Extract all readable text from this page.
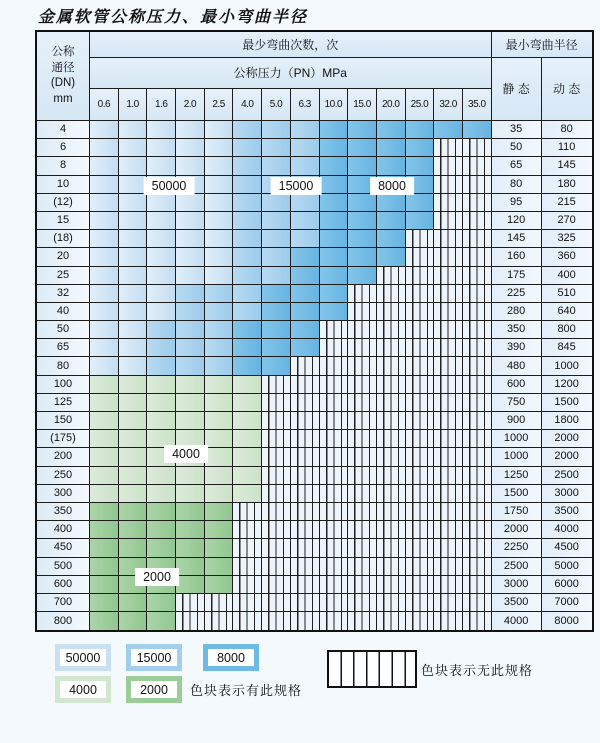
金属软管公称压力、最小弯曲半径
公称
通径
(DN)
mm
最少弯曲次数，次	最小弯曲半径
公称压力（PN）MPa
静 态	动 态
0.6	1.0	1.6	2.0	2.5	4.0	5.0	6.3	10.0	15.0	20.0	25.0	32.0	35.0
4	35	80
6	50	110
8	65	145
10	80	180
(12)	95	215
15	120	270
(18)	145	325
20	160	360
25	175	400
32	225	510
40	280	640
50	350	800
65	390	845
80	480	1000
100	600	1200
125	750	1500
150	900	1800
(175)	1000	2000
200	1000	2000
250	1250	2500
300	1500	3000
350	1750	3500
400	2000	4000
450	2250	4500
500	2500	5000
600	3000	6000
700	3500	7000
800	4000	8000
50000	15000	8000
4000
2000
50000	15000	8000
4000	2000	色块表示有此规格
色块表示无此规格
